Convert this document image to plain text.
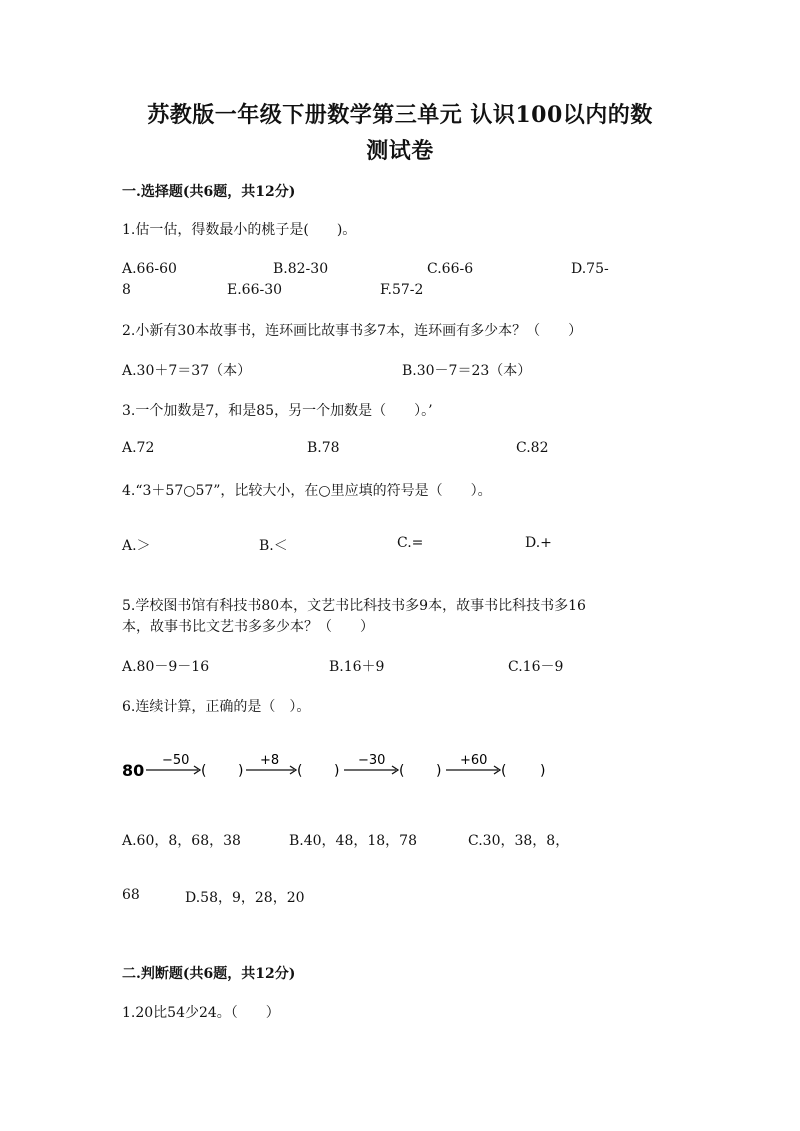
苏教版一年级下册数学第三单元 认识100以内的数
测试卷
一.选择题(共6题，共12分)
1.估一估，得数最小的桃子是(　　)。
A.66-60	B.82-30	C.66-6	D.75-
8	E.66-30	F.57-2
2.小新有30本故事书，连环画比故事书多7本，连环画有多少本？（　　）
A.30＋7＝37（本）	B.30－7＝23（本）
3.一个加数是7，和是85，另一个加数是（　　）。’
A.72	B.78	C.82
4.“3＋57○57”，比较大小，在○里应填的符号是（　　）。
A.＞	B.＜	C.=	D.+
5.学校图书馆有科技书80本，文艺书比科技书多9本，故事书比科技书多16
本，故事书比文艺书多多少本？（　　）
A.80－9－16	B.16＋9	C.16－9
6.连续计算，正确的是（　）。
80
−50
( )
+8
( )
−30
( )
+60
( )
A.60，8，68，38	B.40，48，18，78	C.30，38，8，
68	D.58，9，28，20
二.判断题(共6题，共12分)
1.20比54少24。（　　）
